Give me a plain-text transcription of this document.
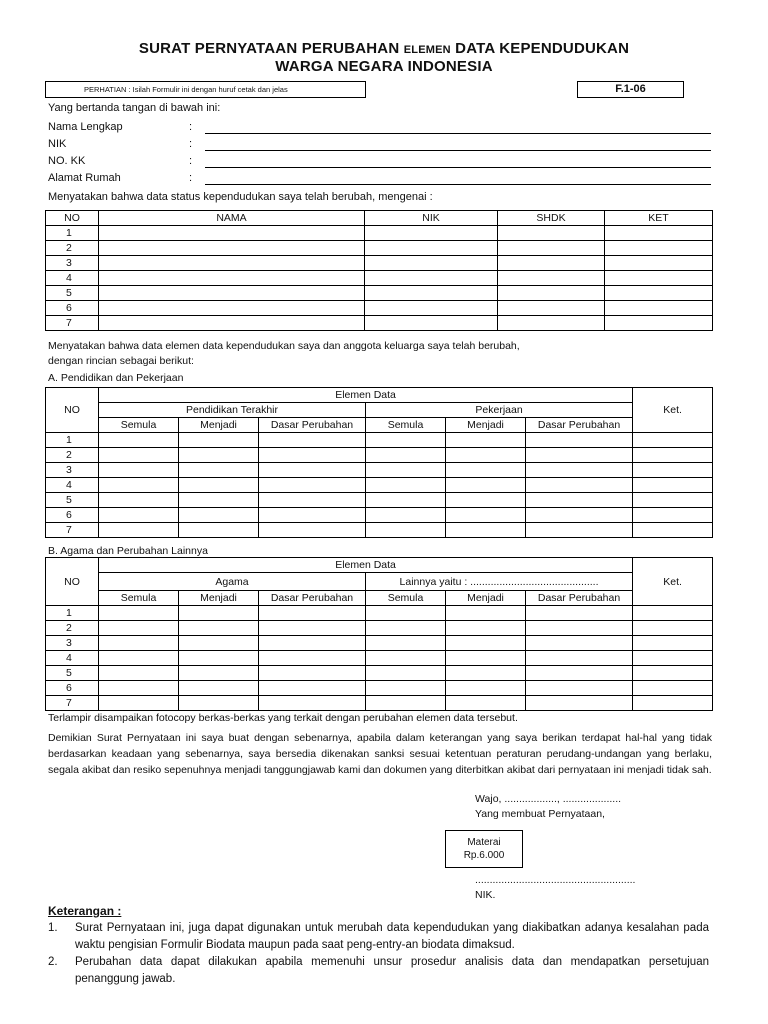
SURAT PERNYATAAN PERUBAHAN ELEMEN DATA KEPENDUDUKAN
WARGA NEGARA INDONESIA
PERHATIAN : Isilah Formulir ini dengan huruf cetak dan jelas	F.1-06
Yang bertanda tangan di bawah ini:
Nama Lengkap	:
NIK	:
NO. KK	:
Alamat Rumah	:
Menyatakan bahwa data status kependudukan saya telah berubah, mengenai :
NO	NAMA	NIK	SHDK	KET
1				
2				
3				
4				
5				
6				
7				
Menyatakan bahwa data elemen data kependudukan saya dan anggota keluarga saya telah berubah,
dengan rincian sebagai berikut:
A. Pendidikan dan Pekerjaan
NO	Elemen Data						Ket.
	Pendidikan Terakhir			Pekerjaan			
	Semula	Menjadi	Dasar Perubahan	Semula	Menjadi	Dasar Perubahan	
1							
2							
3							
4							
5							
6							
7							
B. Agama dan Perubahan Lainnya
NO	Elemen Data						Ket.
	Agama			Lainnya yaitu : ............................................			
	Semula	Menjadi	Dasar Perubahan	Semula	Menjadi	Dasar Perubahan	
1							
2							
3							
4							
5							
6							
7							
Terlampir disampaikan fotocopy berkas-berkas yang terkait dengan perubahan elemen data tersebut.
Demikian Surat Pernyataan ini saya buat dengan sebenarnya, apabila dalam keterangan yang saya berikan terdapat hal-hal yang tidak berdasarkan keadaan yang sebenarnya, saya bersedia dikenakan sanksi sesuai ketentuan peraturan perudang-undangan yang berlaku, segala akibat dan resiko sepenuhnya menjadi tanggungjawab kami dan dokumen yang diterbitkan akibat dari pernyataan ini menjadi tidak sah.
Wajo, .................., ....................
Yang membuat Pernyataan,
Materai
Rp.6.000
.......................................................
NIK.
Keterangan :
1. Surat Pernyataan ini, juga dapat digunakan untuk merubah data kependudukan yang diakibatkan adanya kesalahan pada waktu pengisian Formulir Biodata maupun pada saat peng-entry-an biodata dimaksud.
2. Perubahan data dapat dilakukan apabila memenuhi unsur prosedur analisis data dan mendapatkan persetujuan penanggung jawab.
